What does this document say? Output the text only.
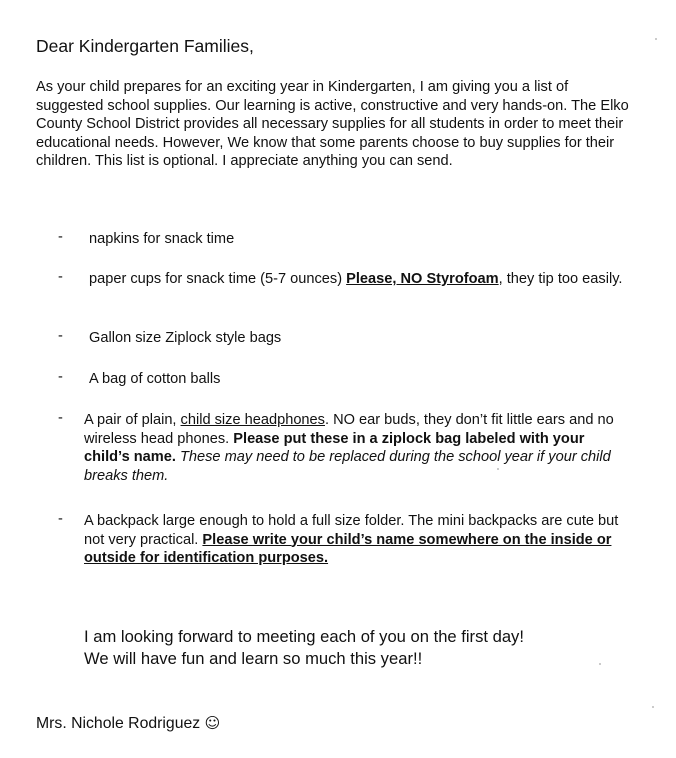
Dear Kindergarten Families,

As your child prepares for an exciting year in Kindergarten, I am giving you a list of suggested school supplies. Our learning is active, constructive and very hands-on. The Elko County School District provides all necessary supplies for all students in order to meet their educational needs. However, We know that some parents choose to buy supplies for their children. This list is optional. I appreciate anything you can send.

-	napkins for snack time
-	paper cups for snack time (5-7 ounces) Please, NO Styrofoam, they tip too easily.
-	Gallon size Ziplock style bags
-	A bag of cotton balls
- A pair of plain, child size headphones. NO ear buds, they don’t fit little ears and no wireless head phones. Please put these in a ziplock bag labeled with your child’s name. These may need to be replaced during the school year if your child breaks them.
- A backpack large enough to hold a full size folder. The mini backpacks are cute but not very practical. Please write your child’s name somewhere on the inside or outside for identification purposes.
I am looking forward to meeting each of you on the first day!
We will have fun and learn so much this year!!
Mrs. Nichole Rodriguez ☺
